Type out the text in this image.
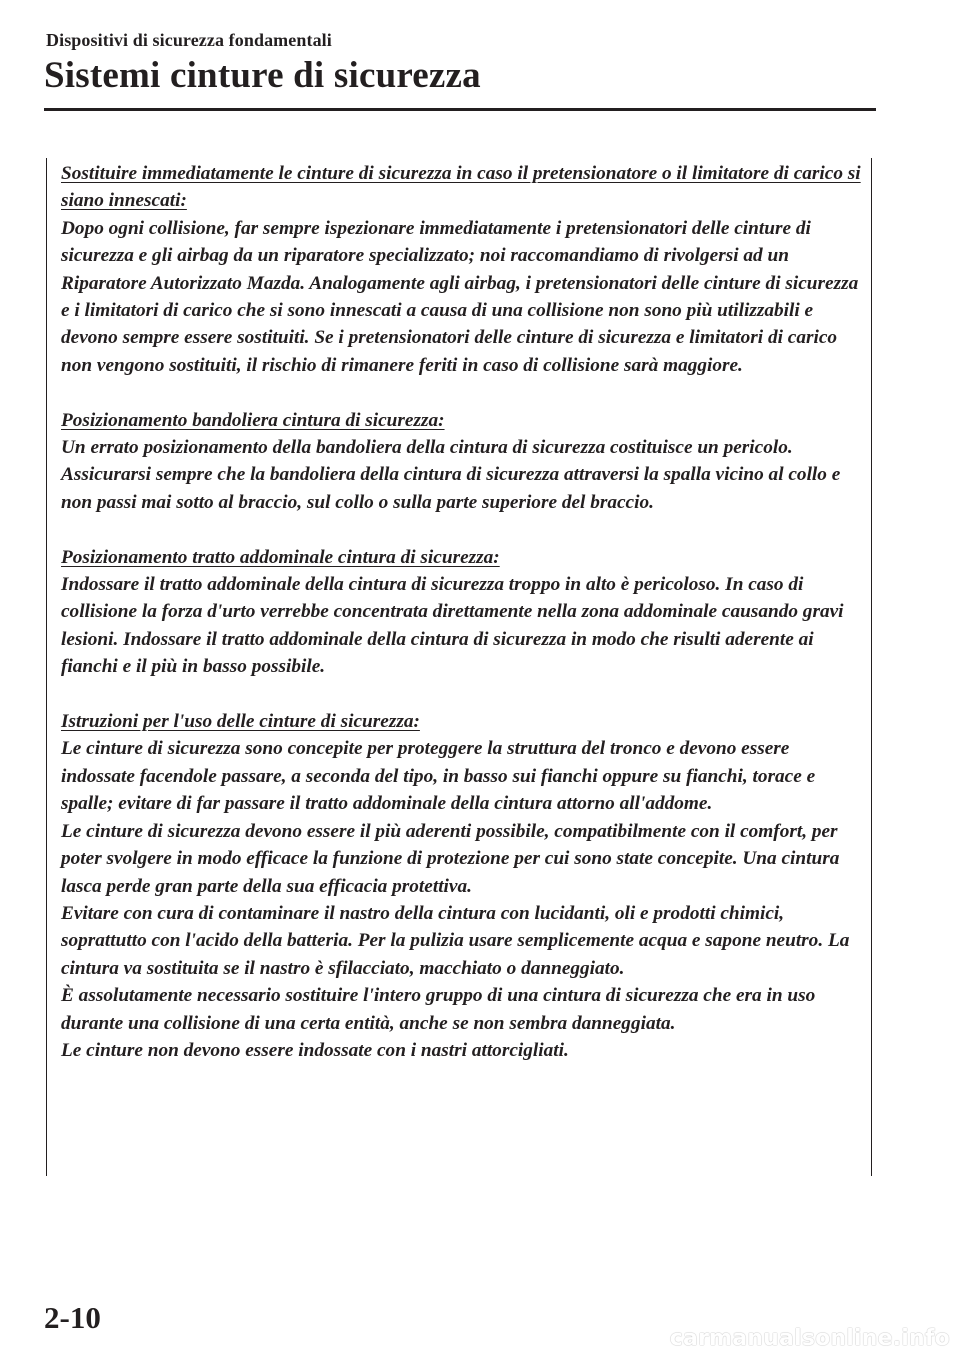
Dispositivi di sicurezza fondamentali
Sistemi cinture di sicurezza
Sostituire immediatamente le cinture di sicurezza in caso il pretensionatore o il limitatore di carico si siano innescati:
Dopo ogni collisione, far sempre ispezionare immediatamente i pretensionatori delle cinture di sicurezza e gli airbag da un riparatore specializzato; noi raccomandiamo di rivolgersi ad un Riparatore Autorizzato Mazda. Analogamente agli airbag, i pretensionatori delle cinture di sicurezza e i limitatori di carico che si sono innescati a causa di una collisione non sono più utilizzabili e devono sempre essere sostituiti. Se i pretensionatori delle cinture di sicurezza e limitatori di carico non vengono sostituiti, il rischio di rimanere feriti in caso di collisione sarà maggiore.
Posizionamento bandoliera cintura di sicurezza:
Un errato posizionamento della bandoliera della cintura di sicurezza costituisce un pericolo. Assicurarsi sempre che la bandoliera della cintura di sicurezza attraversi la spalla vicino al collo e non passi mai sotto al braccio, sul collo o sulla parte superiore del braccio.
Posizionamento tratto addominale cintura di sicurezza:
Indossare il tratto addominale della cintura di sicurezza troppo in alto è pericoloso. In caso di collisione la forza d'urto verrebbe concentrata direttamente nella zona addominale causando gravi lesioni. Indossare il tratto addominale della cintura di sicurezza in modo che risulti aderente ai fianchi e il più in basso possibile.
Istruzioni per l'uso delle cinture di sicurezza:
Le cinture di sicurezza sono concepite per proteggere la struttura del tronco e devono essere indossate facendole passare, a seconda del tipo, in basso sui fianchi oppure su fianchi, torace e spalle; evitare di far passare il tratto addominale della cintura attorno all'addome.
Le cinture di sicurezza devono essere il più aderenti possibile, compatibilmente con il comfort, per poter svolgere in modo efficace la funzione di protezione per cui sono state concepite. Una cintura lasca perde gran parte della sua efficacia protettiva.
Evitare con cura di contaminare il nastro della cintura con lucidanti, oli e prodotti chimici, soprattutto con l'acido della batteria. Per la pulizia usare semplicemente acqua e sapone neutro. La cintura va sostituita se il nastro è sfilacciato, macchiato o danneggiato.
È assolutamente necessario sostituire l'intero gruppo di una cintura di sicurezza che era in uso durante una collisione di una certa entità, anche se non sembra danneggiata.
Le cinture non devono essere indossate con i nastri attorcigliati.
2-10
carmanualsonline.info
